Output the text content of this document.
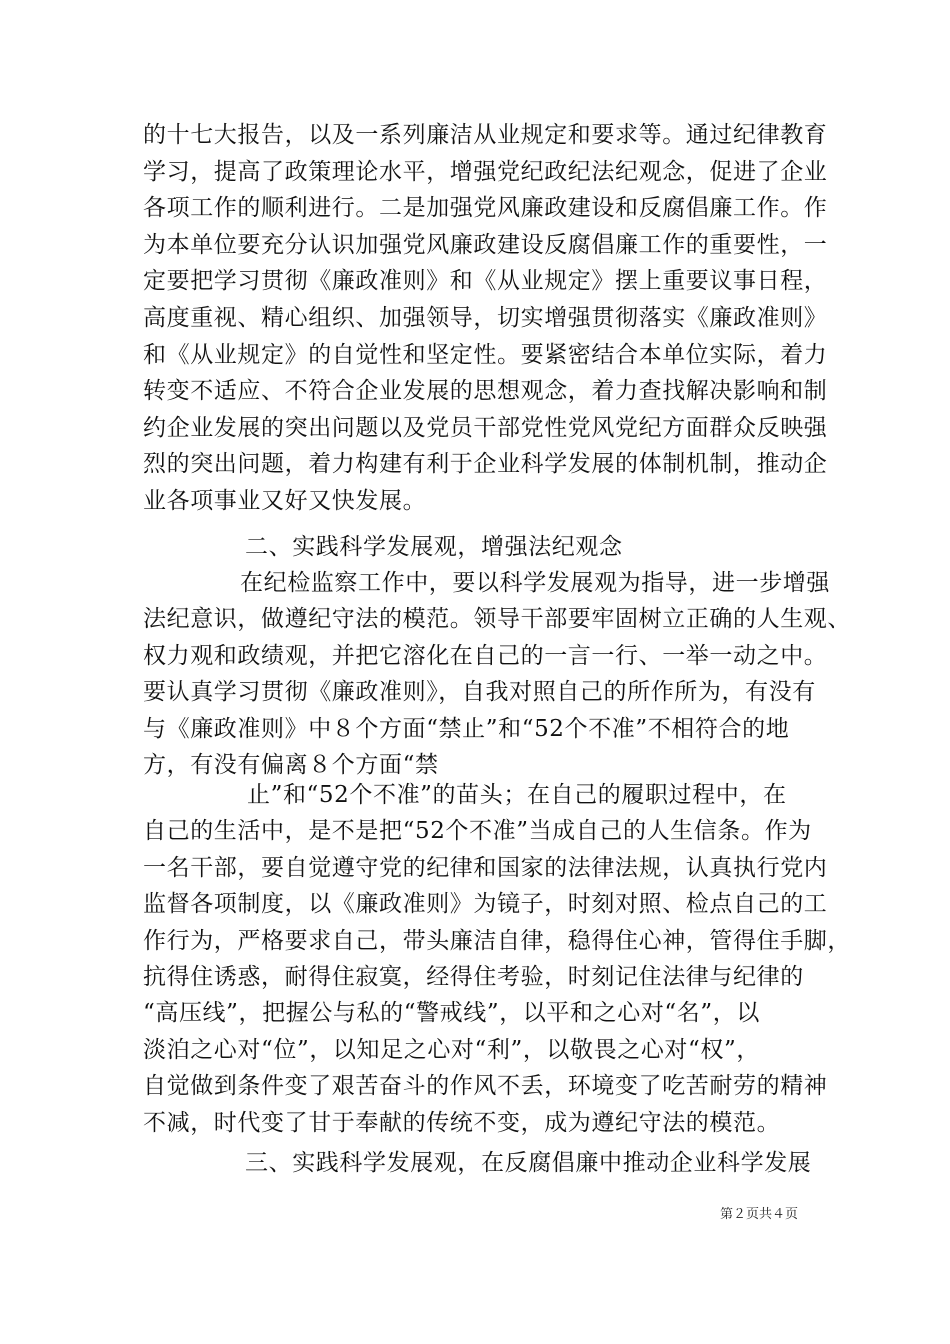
的十七大报告，以及一系列廉洁从业规定和要求等。通过纪律教育
学习，提高了政策理论水平，增强党纪政纪法纪观念，促进了企业
各项工作的顺利进行。二是加强党风廉政建设和反腐倡廉工作。作
为本单位要充分认识加强党风廉政建设反腐倡廉工作的重要性，一
定要把学习贯彻《廉政准则》和《从业规定》摆上重要议事日程，
高度重视、精心组织、加强领导，切实增强贯彻落实《廉政准则》
和《从业规定》的自觉性和坚定性。要紧密结合本单位实际，着力
转变不适应、不符合企业发展的思想观念，着力查找解决影响和制
约企业发展的突出问题以及党员干部党性党风党纪方面群众反映强
烈的突出问题，着力构建有利于企业科学发展的体制机制，推动企
业各项事业又好又快发展。
二、实践科学发展观，增强法纪观念
在纪检监察工作中，要以科学发展观为指导，进一步增强
法纪意识，做遵纪守法的模范。领导干部要牢固树立正确的人生观、
权力观和政绩观，并把它溶化在自己的一言一行、一举一动之中。
要认真学习贯彻《廉政准则》，自我对照自己的所作所为，有没有
与《廉政准则》中８个方面“禁止”和“52个不准”不相符合的地
方，有没有偏离８个方面“禁
止”和“52个不准”的苗头；在自己的履职过程中，在
自己的生活中，是不是把“52个不准”当成自己的人生信条。作为
一名干部，要自觉遵守党的纪律和国家的法律法规，认真执行党内
监督各项制度，以《廉政准则》为镜子，时刻对照、检点自己的工
作行为，严格要求自己，带头廉洁自律，稳得住心神，管得住手脚，
抗得住诱惑，耐得住寂寞，经得住考验，时刻记住法律与纪律的
“高压线”，把握公与私的“警戒线”，以平和之心对“名”，以
淡泊之心对“位”，以知足之心对“利”，以敬畏之心对“权”，
自觉做到条件变了艰苦奋斗的作风不丢，环境变了吃苦耐劳的精神
不减，时代变了甘于奉献的传统不变，成为遵纪守法的模范。
三、实践科学发展观，在反腐倡廉中推动企业科学发展
第２页共４页
